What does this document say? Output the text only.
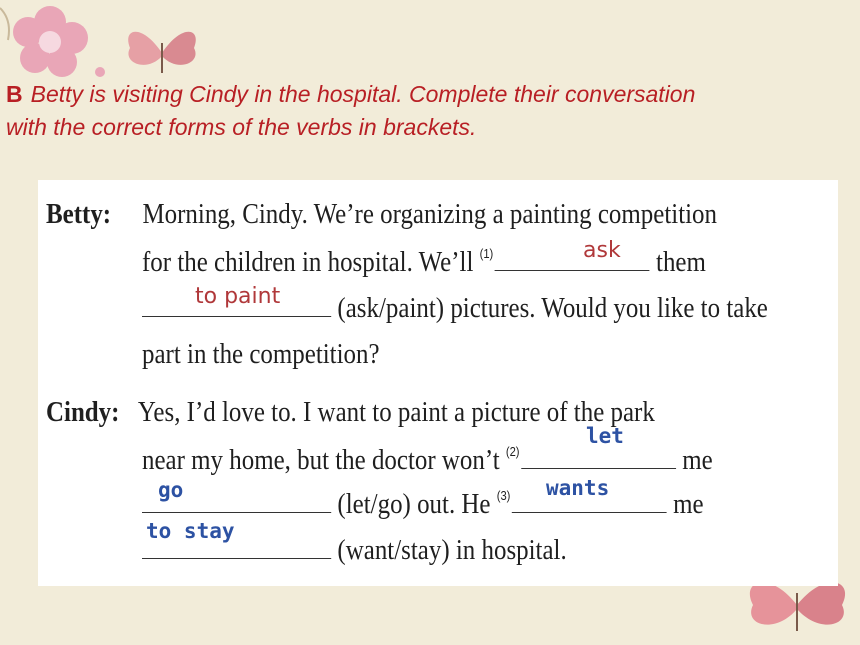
B Betty is visiting Cindy in the hospital. Complete their conversation
with the correct forms of the verbs in brackets.
Betty: Morning, Cindy. We’re organizing a painting competition
for the children in hospital. We’ll $^{(1)}$	them
(ask/paint) pictures. Would you like to take
part in the competition?
Cindy: Yes, I’d love to. I want to paint a picture of the park
near my home, but the doctor won’t $^{(2)}$	me
(let/go) out. He $^{(3)}$	me
(want/stay) in hospital.
ask
to paint
let
go	wants
to stay
